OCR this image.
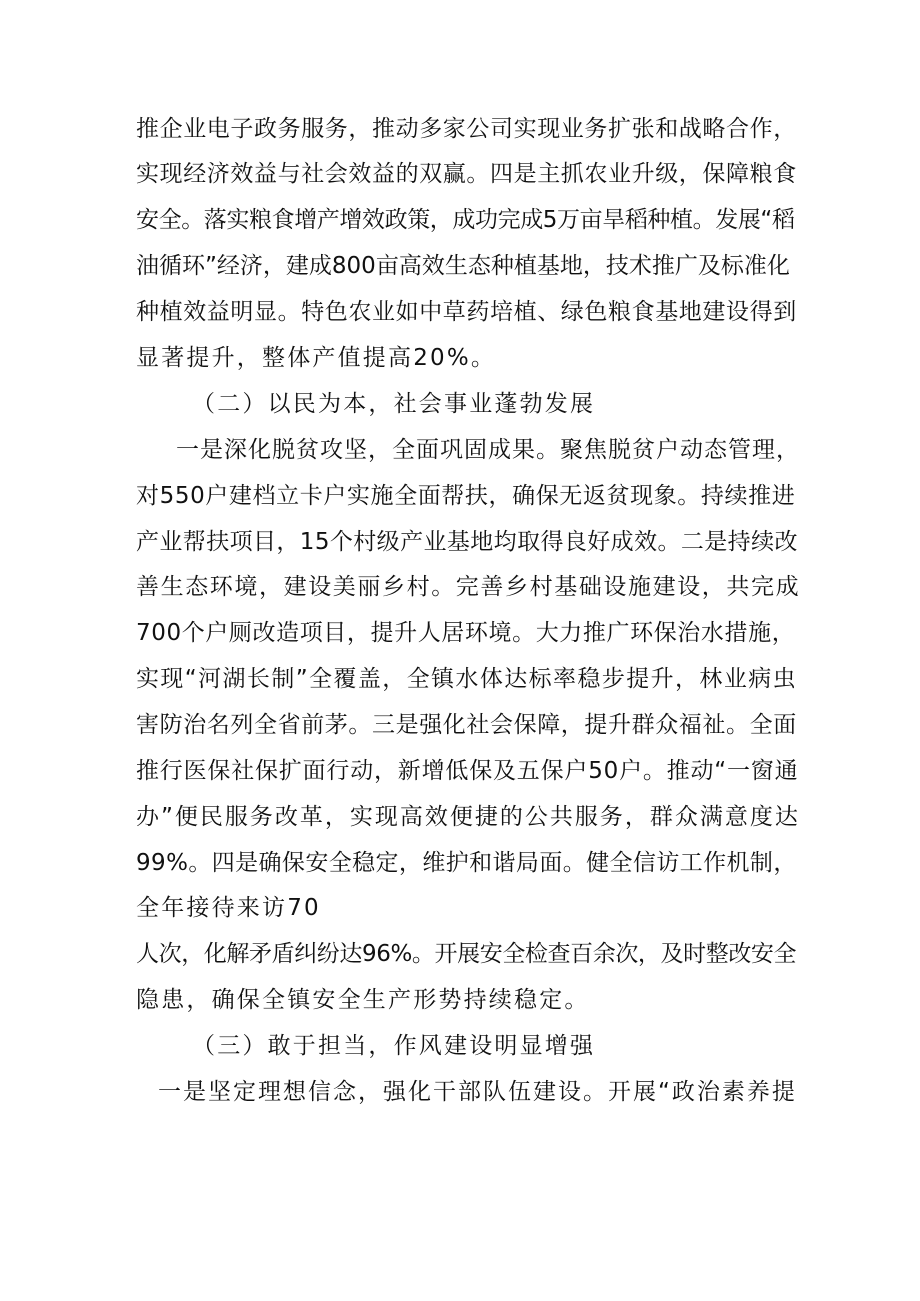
推企业电子政务服务，推动多家公司实现业务扩张和战略合作，

实现经济效益与社会效益的双赢。四是主抓农业升级，保障粮食

安全。落实粮食增产增效政策，成功完成5万亩旱稻种植。发展“稻

油循环”经济，建成800亩高效生态种植基地，技术推广及标准化

种植效益明显。特色农业如中草药培植、绿色粮食基地建设得到

显著提升，整体产值提高20%。

（二）以民为本，社会事业蓬勃发展

一是深化脱贫攻坚，全面巩固成果。聚焦脱贫户动态管理，

对550户建档立卡户实施全面帮扶，确保无返贫现象。持续推进

产业帮扶项目，15个村级产业基地均取得良好成效。二是持续改

善生态环境，建设美丽乡村。完善乡村基础设施建设，共完成

700个户厕改造项目，提升人居环境。大力推广环保治水措施，

实现“河湖长制”全覆盖，全镇水体达标率稳步提升，林业病虫

害防治名列全省前茅。三是强化社会保障，提升群众福祉。全面

推行医保社保扩面行动，新增低保及五保户50户。推动“一窗通

办”便民服务改革，实现高效便捷的公共服务，群众满意度达

99%。四是确保安全稳定，维护和谐局面。健全信访工作机制，

全年接待来访70

人次，化解矛盾纠纷达96%。开展安全检查百余次，及时整改安全

隐患，确保全镇安全生产形势持续稳定。

（三）敢于担当，作风建设明显增强

一是坚定理想信念，强化干部队伍建设。开展“政治素养提
